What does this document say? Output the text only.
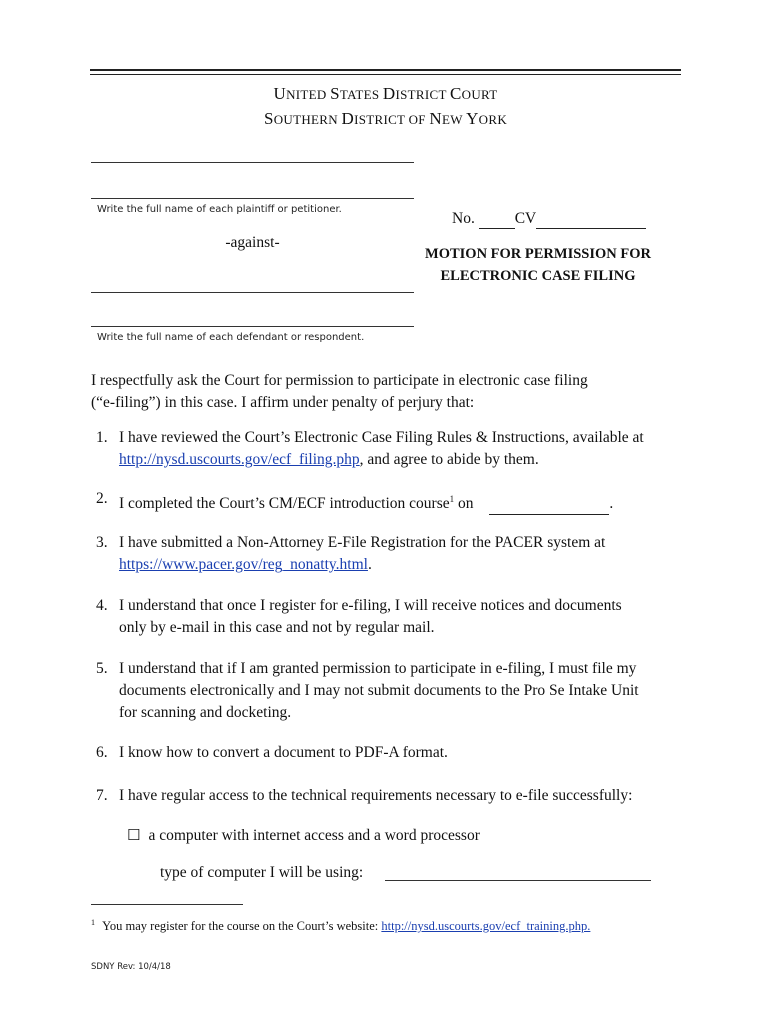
UNITED STATES DISTRICT COURT
SOUTHERN DISTRICT OF NEW YORK
Write the full name of each plaintiff or petitioner.
-against-
Write the full name of each defendant or respondent.
No.	CV
MOTION FOR PERMISSION FOR
ELECTRONIC CASE FILING
I respectfully ask the Court for permission to participate in electronic case filing
(“e-filing”) in this case. I affirm under penalty of perjury that:
1. I have reviewed the Court’s Electronic Case Filing Rules & Instructions, available at
http://nysd.uscourts.gov/ecf_filing.php, and agree to abide by them.
2. I completed the Court’s CM/ECF introduction course$^1$ on	.
3. I have submitted a Non-Attorney E-File Registration for the PACER system at
https://www.pacer.gov/reg_nonatty.html.
4. I understand that once I register for e-filing, I will receive notices and documents
only by e-mail in this case and not by regular mail.
5. I understand that if I am granted permission to participate in e-filing, I must file my
documents electronically and I may not submit documents to the Pro Se Intake Unit
for scanning and docketing.
6. I know how to convert a document to PDF-A format.
7. I have regular access to the technical requirements necessary to e-file successfully:
☐ a computer with internet access and a word processor
type of computer I will be using:
$^1$ You may register for the course on the Court’s website: http://nysd.uscourts.gov/ecf_training.php.
SDNY Rev: 10/4/18
